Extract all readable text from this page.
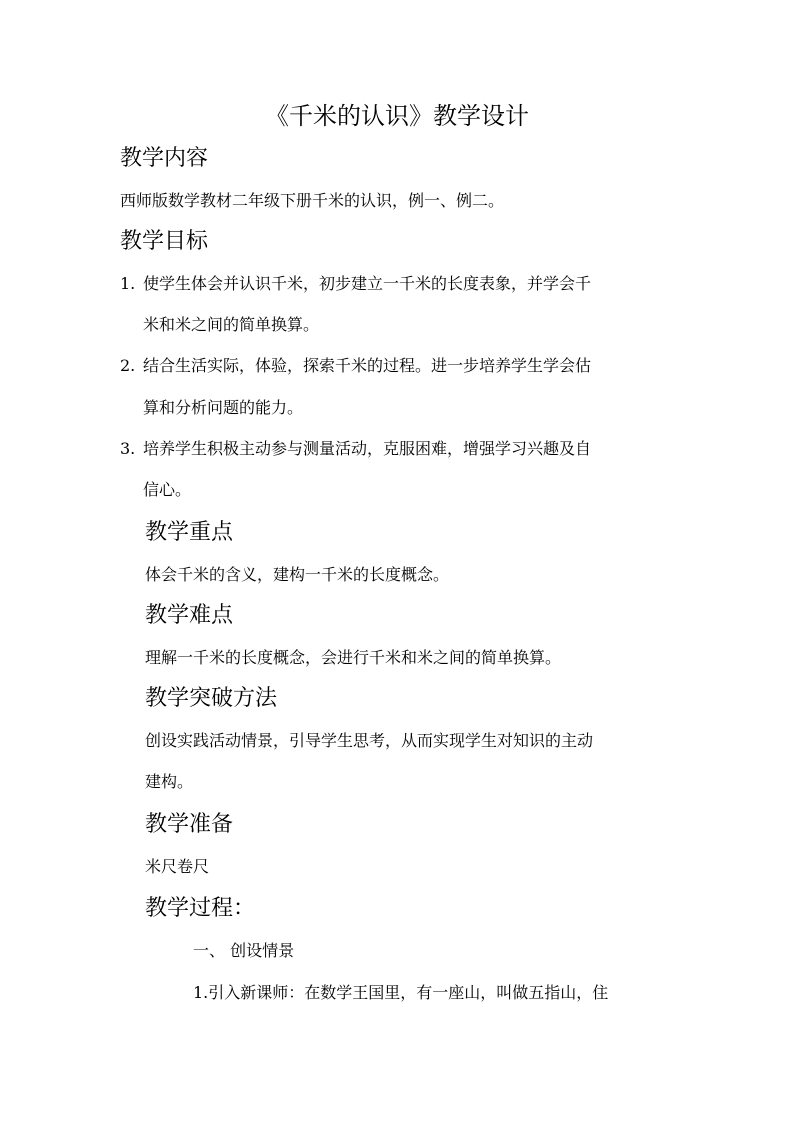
《千米的认识》教学设计
教学内容
西师版数学教材二年级下册千米的认识，例一、例二。
教学目标
1. 使学生体会并认识千米，初步建立一千米的长度表象，并学会千
米和米之间的简单换算。
2. 结合生活实际，体验，探索千米的过程。进一步培养学生学会估
算和分析问题的能力。
3. 培养学生积极主动参与测量活动，克服困难，增强学习兴趣及自
信心。
教学重点
体会千米的含义，建构一千米的长度概念。
教学难点
理解一千米的长度概念，会进行千米和米之间的简单换算。
教学突破方法
创设实践活动情景，引导学生思考，从而实现学生对知识的主动
建构。
教学准备
米尺卷尺
教学过程：
一、 创设情景
1.引入新课师：在数学王国里，有一座山，叫做五指山，住
